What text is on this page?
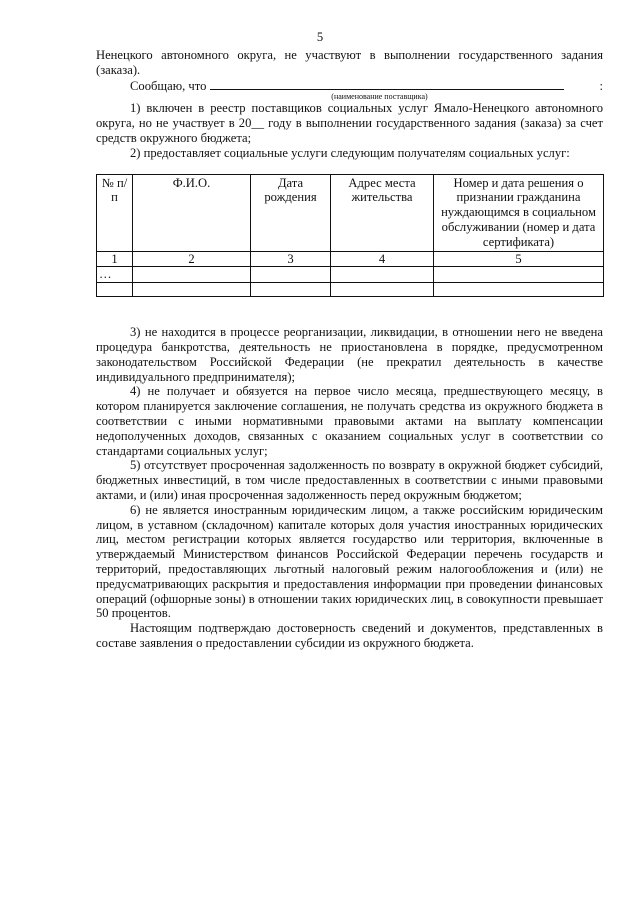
5

Ненецкого автономного округа, не участвуют в выполнении государственного задания (заказа).

Сообщаю, что	:
(наименование поставщика)

1) включен в реестр поставщиков социальных услуг Ямало-Ненецкого автономного округа, но не участвует в 20__ году в выполнении государственного задания (заказа) за счет средств окружного бюджета;

2) предоставляет социальные услуги следующим получателям социальных услуг:

№ п/п	Ф.И.О.	Дата рождения	Адрес места жительства	Номер и дата решения о признании гражданина нуждающимся в социальном обслуживании (номер и дата сертификата)
1	2	3	4	5
…				

3) не находится в процессе реорганизации, ликвидации, в отношении него не введена процедура банкротства, деятельность не приостановлена в порядке, предусмотренном законодательством Российской Федерации (не прекратил деятельность в качестве индивидуального предпринимателя);

4) не получает и обязуется на первое число месяца, предшествующего месяцу, в котором планируется заключение соглашения, не получать средства из окружного бюджета в соответствии с иными нормативными правовыми актами на выплату компенсации недополученных доходов, связанных с оказанием социальных услуг в соответствии со стандартами социальных услуг;

5) отсутствует просроченная задолженность по возврату в окружной бюджет субсидий, бюджетных инвестиций, в том числе предоставленных в соответствии с иными правовыми актами, и (или) иная просроченная задолженность перед окружным бюджетом;

6) не является иностранным юридическим лицом, а также российским юридическим лицом, в уставном (складочном) капитале которых доля участия иностранных юридических лиц, местом регистрации которых является государство или территория, включенные в утверждаемый Министерством финансов Российской Федерации перечень государств и территорий, предоставляющих льготный налоговый режим налогообложения и (или) не предусматривающих раскрытия и предоставления информации при проведении финансовых операций (офшорные зоны) в отношении таких юридических лиц, в совокупности превышает 50 процентов.

Настоящим подтверждаю достоверность сведений и документов, представленных в составе заявления о предоставлении субсидии из окружного бюджета.
